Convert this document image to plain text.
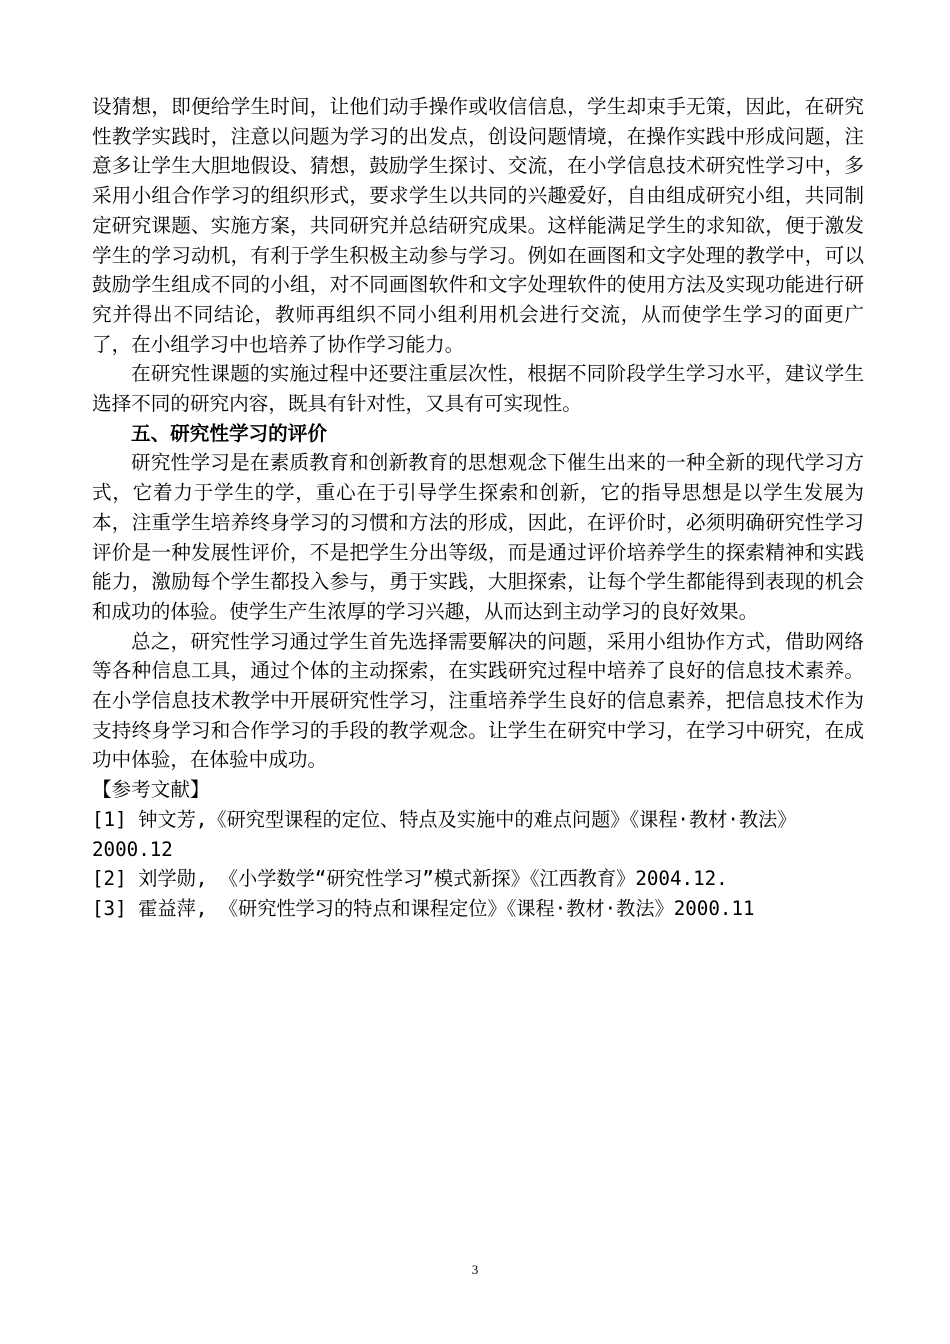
设猜想，即便给学生时间，让他们动手操作或收信信息，学生却束手无策，因此，在研究性教学实践时，注意以问题为学习的出发点，创设问题情境，在操作实践中形成问题，注意多让学生大胆地假设、猜想，鼓励学生探讨、交流，在小学信息技术研究性学习中，多采用小组合作学习的组织形式，要求学生以共同的兴趣爱好，自由组成研究小组，共同制定研究课题、实施方案，共同研究并总结研究成果。这样能满足学生的求知欲，便于激发学生的学习动机，有利于学生积极主动参与学习。例如在画图和文字处理的教学中，可以鼓励学生组成不同的小组，对不同画图软件和文字处理软件的使用方法及实现功能进行研究并得出不同结论，教师再组织不同小组利用机会进行交流，从而使学生学习的面更广了，在小组学习中也培养了协作学习能力。

在研究性课题的实施过程中还要注重层次性，根据不同阶段学生学习水平，建议学生选择不同的研究内容，既具有针对性，又具有可实现性。

五、研究性学习的评价

研究性学习是在素质教育和创新教育的思想观念下催生出来的一种全新的现代学习方式，它着力于学生的学，重心在于引导学生探索和创新，它的指导思想是以学生发展为本，注重学生培养终身学习的习惯和方法的形成，因此，在评价时，必须明确研究性学习评价是一种发展性评价，不是把学生分出等级，而是通过评价培养学生的探索精神和实践能力，激励每个学生都投入参与，勇于实践，大胆探索，让每个学生都能得到表现的机会和成功的体验。使学生产生浓厚的学习兴趣，从而达到主动学习的良好效果。

总之，研究性学习通过学生首先选择需要解决的问题，采用小组协作方式，借助网络等各种信息工具，通过个体的主动探索，在实践研究过程中培养了良好的信息技术素养。在小学信息技术教学中开展研究性学习，注重培养学生良好的信息素养，把信息技术作为支持终身学习和合作学习的手段的教学观念。让学生在研究中学习，在学习中研究，在成功中体验，在体验中成功。

【参考文献】

[1] 钟文芳,《研究型课程的定位、特点及实施中的难点问题》《课程·教材·教法》2000.12

[2] 刘学勋, 《小学数学“研究性学习”模式新探》《江西教育》2004.12.

[3] 霍益萍, 《研究性学习的特点和课程定位》《课程·教材·教法》2000.11

3
